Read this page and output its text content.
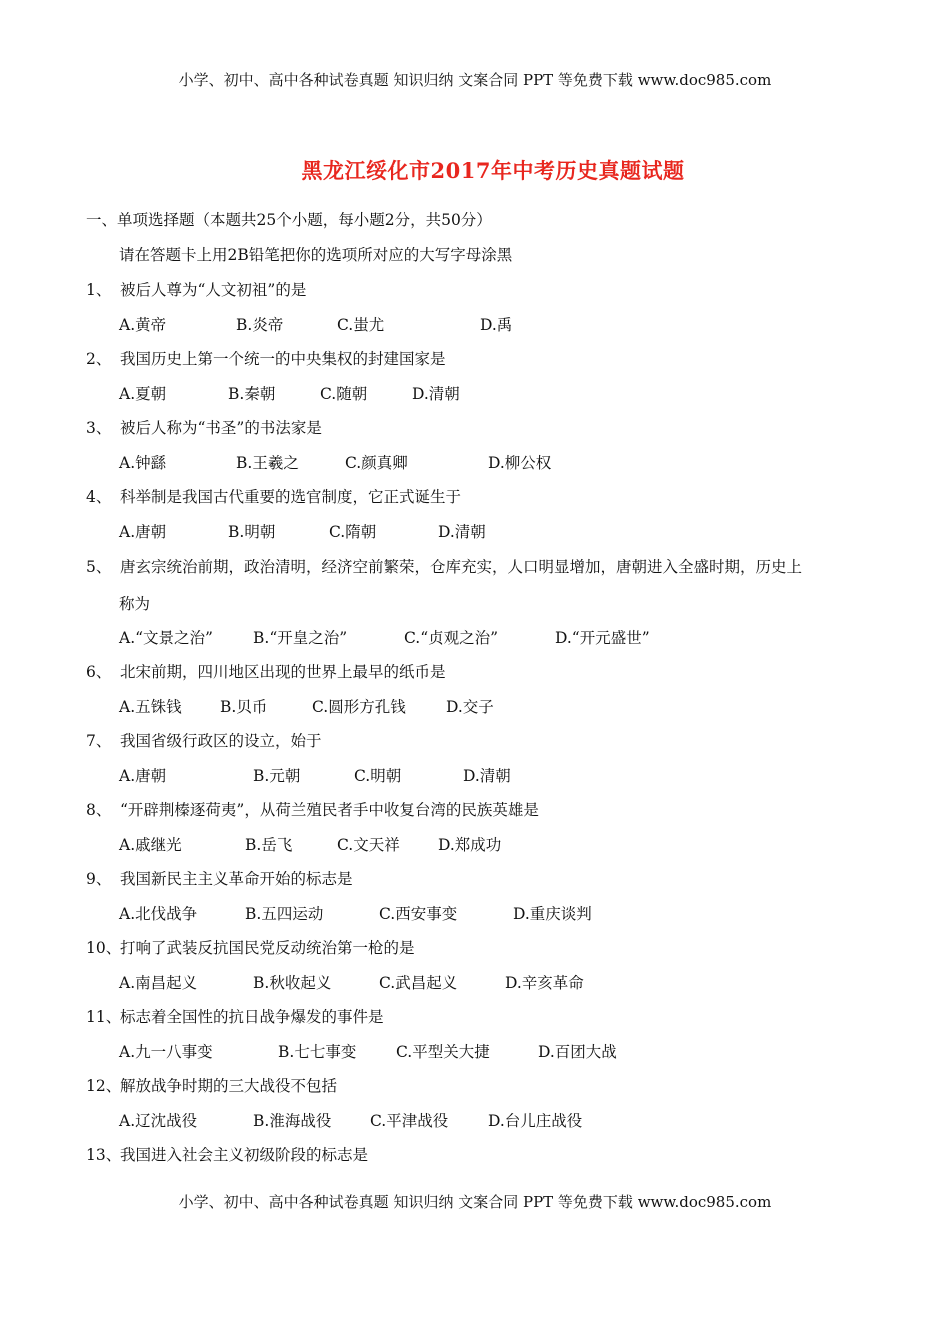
小学、初中、高中各种试卷真题 知识归纳 文案合同 PPT 等免费下载 www.doc985.com
黑龙江绥化市2017年中考历史真题试题
一、单项选择题（本题共25个小题，每小题2分，共50分）
请在答题卡上用2B铅笔把你的选项所对应的大写字母涂黑
1、 被后人尊为“人文初祖”的是
A.黄帝	B.炎帝	C.蚩尤	D.禹
2、 我国历史上第一个统一的中央集权的封建国家是
A.夏朝	B.秦朝	C.随朝	D.清朝
3、 被后人称为“书圣”的书法家是
A.钟繇	B.王羲之	C.颜真卿	D.柳公权
4、 科举制是我国古代重要的选官制度，它正式诞生于
A.唐朝	B.明朝	C.隋朝	D.清朝
5、 唐玄宗统治前期，政治清明，经济空前繁荣，仓库充实，人口明显增加，唐朝进入全盛时期，历史上
称为
A.“文景之治”	B.“开皇之治”	C.“贞观之治”	D.“开元盛世”
6、 北宋前期，四川地区出现的世界上最早的纸币是
A.五铢钱 B.贝币	C.圆形方孔钱	D.交子
7、 我国省级行政区的设立，始于
A.唐朝	B.元朝	C.明朝	D.清朝
8、 “开辟荆榛逐荷夷”，从荷兰殖民者手中收复台湾的民族英雄是
A.戚继光	B.岳飞	C.文天祥 D.郑成功
9、 我国新民主主义革命开始的标志是
A.北伐战争	B.五四运动	C.西安事变	D.重庆谈判
10、打响了武装反抗国民党反动统治第一枪的是
A.南昌起义	B.秋收起义	C.武昌起义	D.辛亥革命
11、标志着全国性的抗日战争爆发的事件是
A.九一八事变	B.七七事变	C.平型关大捷	D.百团大战
12、解放战争时期的三大战役不包括
A.辽沈战役	B.淮海战役 C.平津战役	D.台儿庄战役
13、我国进入社会主义初级阶段的标志是
小学、初中、高中各种试卷真题 知识归纳 文案合同 PPT 等免费下载 www.doc985.com
